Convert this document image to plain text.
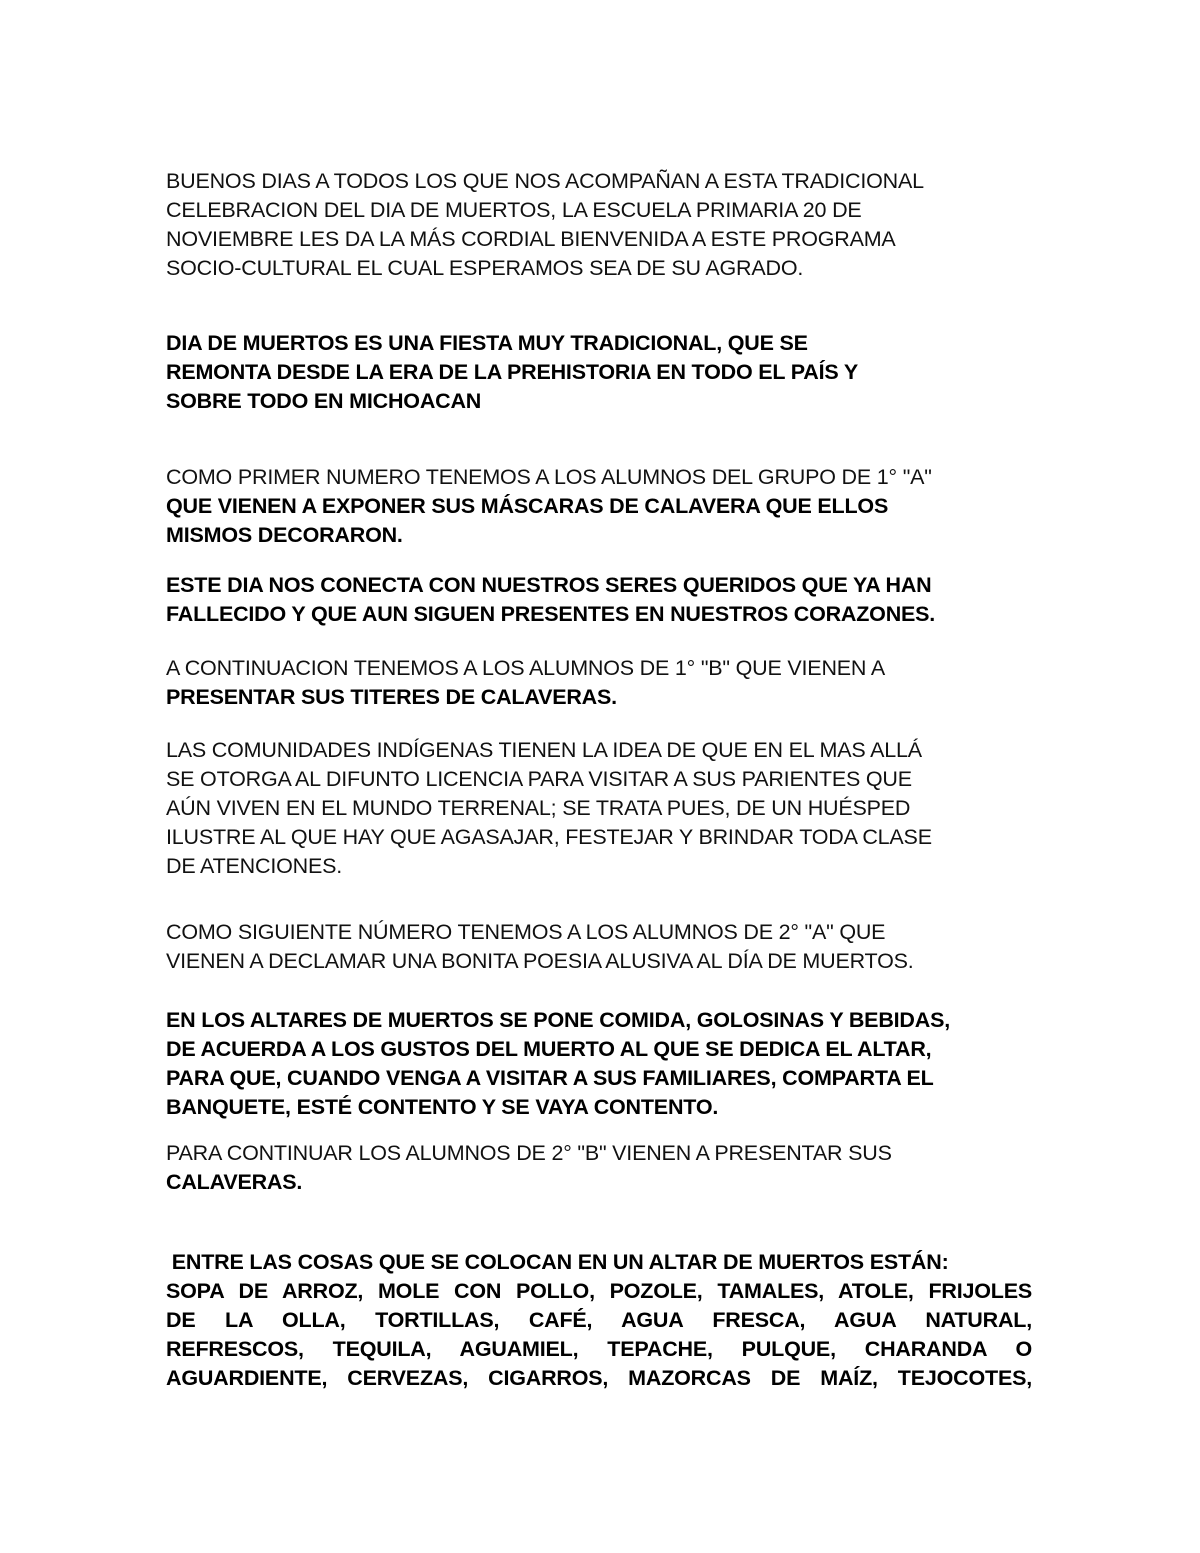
BUENOS DIAS A TODOS LOS QUE NOS ACOMPAÑAN A ESTA TRADICIONAL
CELEBRACION DEL DIA DE MUERTOS, LA ESCUELA PRIMARIA 20 DE
NOVIEMBRE LES DA LA MÁS CORDIAL BIENVENIDA A ESTE PROGRAMA
SOCIO-CULTURAL EL CUAL ESPERAMOS SEA DE SU AGRADO.
DIA DE MUERTOS ES UNA FIESTA MUY TRADICIONAL, QUE SE
REMONTA DESDE LA ERA DE LA PREHISTORIA EN TODO EL PAÍS Y
SOBRE TODO EN MICHOACAN
COMO PRIMER NUMERO TENEMOS A LOS ALUMNOS DEL GRUPO DE 1° "A"
QUE VIENEN A EXPONER SUS MÁSCARAS DE CALAVERA QUE ELLOS
MISMOS DECORARON.
ESTE DIA NOS CONECTA CON NUESTROS SERES QUERIDOS QUE YA HAN
FALLECIDO Y QUE AUN SIGUEN PRESENTES EN NUESTROS CORAZONES.
A CONTINUACION TENEMOS A LOS ALUMNOS DE 1° "B" QUE VIENEN A
PRESENTAR SUS TITERES DE CALAVERAS.
LAS COMUNIDADES INDÍGENAS TIENEN LA IDEA DE QUE EN EL MAS ALLÁ
SE OTORGA AL DIFUNTO LICENCIA PARA VISITAR A SUS PARIENTES QUE
AÚN VIVEN EN EL MUNDO TERRENAL; SE TRATA PUES, DE UN HUÉSPED
ILUSTRE AL QUE HAY QUE AGASAJAR, FESTEJAR Y BRINDAR TODA CLASE
DE ATENCIONES.
COMO SIGUIENTE NÚMERO TENEMOS A LOS ALUMNOS DE 2° "A" QUE
VIENEN A DECLAMAR UNA BONITA POESIA ALUSIVA AL DÍA DE MUERTOS.
EN LOS ALTARES DE MUERTOS SE PONE COMIDA, GOLOSINAS Y BEBIDAS,
DE ACUERDA A LOS GUSTOS DEL MUERTO AL QUE SE DEDICA EL ALTAR,
PARA QUE, CUANDO VENGA A VISITAR A SUS FAMILIARES, COMPARTA EL
BANQUETE, ESTÉ CONTENTO Y SE VAYA CONTENTO.
PARA CONTINUAR LOS ALUMNOS DE 2° "B" VIENEN A PRESENTAR SUS
CALAVERAS.
ENTRE LAS COSAS QUE SE COLOCAN EN UN ALTAR DE MUERTOS ESTÁN:
SOPA DE ARROZ, MOLE CON POLLO, POZOLE, TAMALES, ATOLE, FRIJOLES
DE LA OLLA, TORTILLAS, CAFÉ, AGUA FRESCA, AGUA NATURAL,
REFRESCOS, TEQUILA, AGUAMIEL, TEPACHE, PULQUE, CHARANDA O
AGUARDIENTE, CERVEZAS, CIGARROS, MAZORCAS DE MAÍZ, TEJOCOTES,
